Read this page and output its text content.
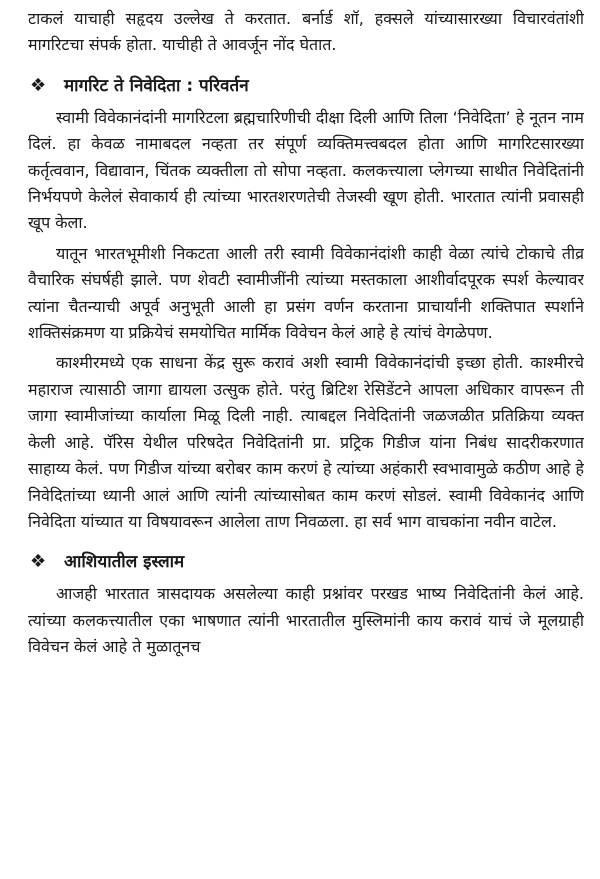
टाकलं याचाही सहृदय उल्लेख ते करतात. बर्नार्ड शॉ, हक्सले यांच्यासारख्या विचारवंतांशी मागरिटचा संपर्क होता. याचीही ते आवर्जून नोंद घेतात.

❖	मागरिट ते निवेदिता : परिवर्तन

स्वामी विवेकानंदांनी मागरिटला ब्रह्मचारिणीची दीक्षा दिली आणि तिला ‘निवेदिता’ हे नूतन नाम दिलं. हा केवळ नामाबदल नव्हता तर संपूर्ण व्यक्तिमत्त्वबदल होता आणि मागरिटसारख्या कर्तृत्ववान, विद्यावान, चिंतक व्यक्तीला तो सोपा नव्हता. कलकत्त्याला प्लेगच्या साथीत निवेदितांनी निर्भयपणे केलेलं सेवाकार्य ही त्यांच्या भारतशरणतेची तेजस्वी खूण होती. भारतात त्यांनी प्रवासही खूप केला.

यातून भारतभूमीशी निकटता आली तरी स्वामी विवेकानंदांशी काही वेळा त्यांचे टोकाचे तीव्र वैचारिक संघर्षही झाले. पण शेवटी स्वामीजींनी त्यांच्या मस्तकाला आशीर्वादपूरक स्पर्श केल्यावर त्यांना चैतन्याची अपूर्व अनुभूती आली हा प्रसंग वर्णन करताना प्राचार्यांनी शक्तिपात स्पर्शाने शक्तिसंक्रमण या प्रक्रियेचं समयोचित मार्मिक विवेचन केलं आहे हे त्यांचं वेगळेपण.

काश्मीरमध्ये एक साधना केंद्र सुरू करावं अशी स्वामी विवेकानंदांची इच्छा होती. काश्मीरचे महाराज त्यासाठी जागा द्यायला उत्सुक होते. परंतु ब्रिटिश रेसिडेंटने आपला अधिकार वापरून ती जागा स्वामीजांच्या कार्याला मिळू दिली नाही. त्याबद्दल निवेदितांनी जळजळीत प्रतिक्रिया व्यक्त केली आहे. पॅरिस येथील परिषदेत निवेदितांनी प्रा. प्रट्रिक गिडीज यांना निबंध सादरीकरणात साहाय्य केलं. पण गिडीज यांच्या बरोबर काम करणं हे त्यांच्या अहंकारी स्वभावामुळे कठीण आहे हे निवेदितांच्या ध्यानी आलं आणि त्यांनी त्यांच्यासोबत काम करणं सोडलं. स्वामी विवेकानंद आणि निवेदिता यांच्यात या विषयावरून आलेला ताण निवळला. हा सर्व भाग वाचकांना नवीन वाटेल.

❖	आशियातील इस्लाम

आजही भारतात त्रासदायक असलेल्या काही प्रश्नांवर परखड भाष्य निवेदितांनी केलं आहे. त्यांच्या कलकत्त्यातील एका भाषणात त्यांनी भारतातील मुस्लिमांनी काय करावं याचं जे मूलग्राही विवेचन केलं आहे ते मुळातूनच
